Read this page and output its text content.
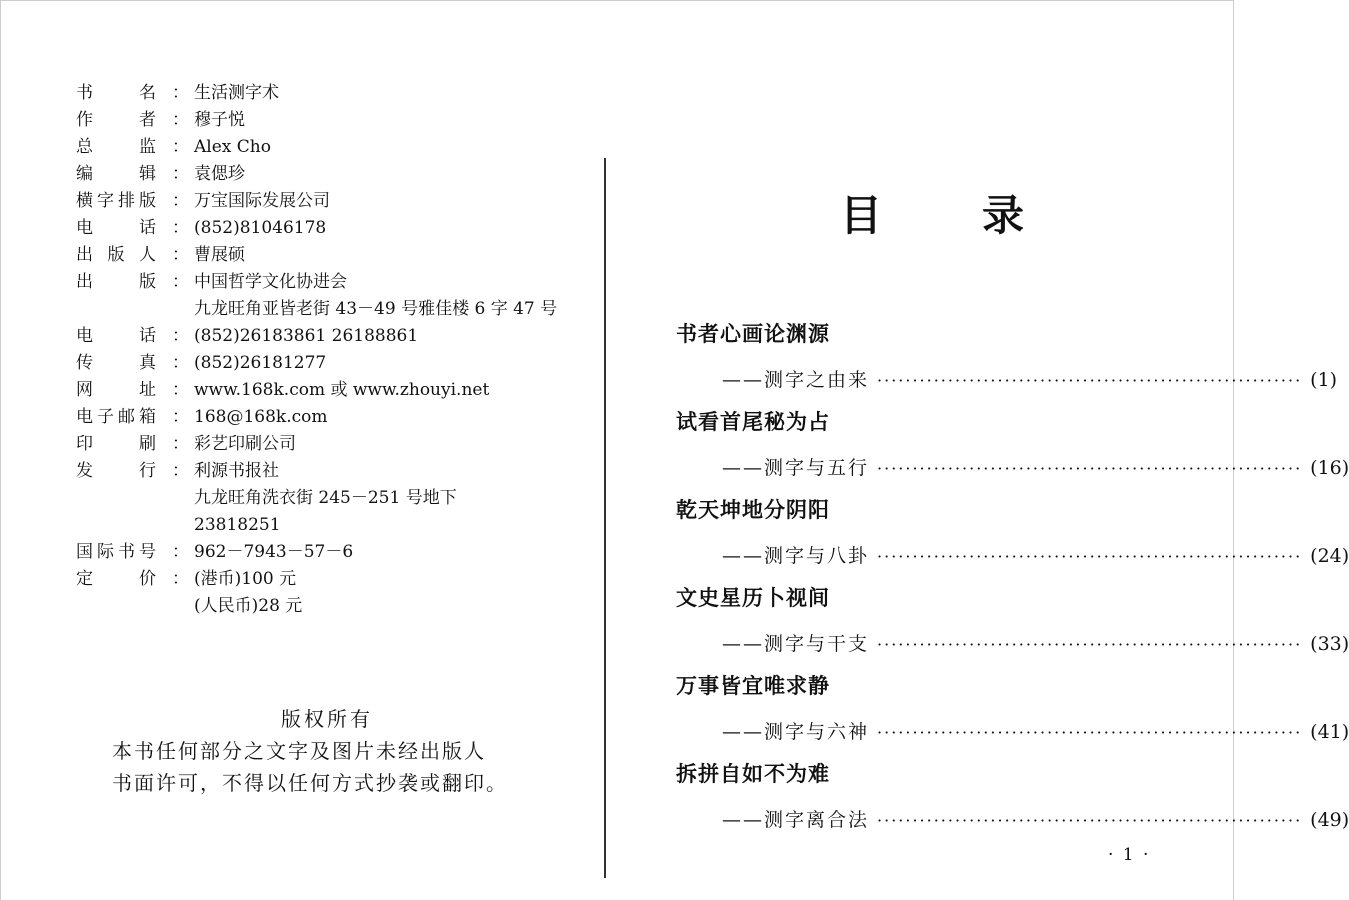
书	名 ： 生活测字术
作	者 ： 穆子悦
总	监 ： Alex Cho
编	辑 ： 袁偲珍
横 字 排 版 ： 万宝国际发展公司
电	话 ： (852)81046178
出 版 人 ： 曹展硕
出	版 ： 中国哲学文化协进会
九龙旺角亚皆老街 43－49 号雅佳楼 6 字 47 号
电	话 ： (852)26183861 26188861
传	真 ： (852)26181277
网	址 ： www.168k.com 或 www.zhouyi.net
电 子 邮 箱 ： 168@168k.com
印	刷 ： 彩艺印刷公司
发	行 ： 利源书报社
九龙旺角洗衣街 245－251 号地下
23818251
国 际 书 号 ： 962－7943－57－6
定	价 ： (港币)100 元
(人民币)28 元
版权所有
本书任何部分之文字及图片未经出版人
书面许可，不得以任何方式抄袭或翻印。
目录
书者心画论渊源
——测字之由来 ···························································· (1)
试看首尾秘为占
——测字与五行 ···························································· (16)
乾天坤地分阴阳
——测字与八卦 ···························································· (24)
文史星历卜视间
——测字与干支 ···························································· (33)
万事皆宜唯求静
——测字与六神 ···························································· (41)
拆拼自如不为难
——测字离合法 ···························································· (49)
· 1 ·
